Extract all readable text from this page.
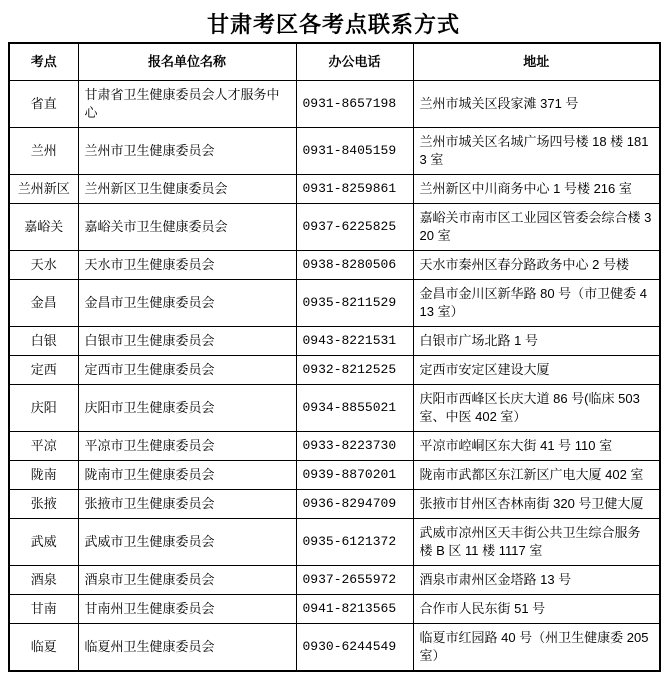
甘肃考区各考点联系方式
考点	报名单位名称	办公电话	地址
省直	甘肃省卫生健康委员会人才服务中心	0931-8657198	兰州市城关区段家滩 371 号
兰州	兰州市卫生健康委员会	0931-8405159	兰州市城关区名城广场四号楼 18 楼 1813 室
兰州新区	兰州新区卫生健康委员会	0931-8259861	兰州新区中川商务中心 1 号楼 216 室
嘉峪关	嘉峪关市卫生健康委员会	0937-6225825	嘉峪关市南市区工业园区管委会综合楼 320 室
天水	天水市卫生健康委员会	0938-8280506	天水市秦州区春分路政务中心 2 号楼
金昌	金昌市卫生健康委员会	0935-8211529	金昌市金川区新华路 80 号（市卫健委 413 室）
白银	白银市卫生健康委员会	0943-8221531	白银市广场北路 1 号
定西	定西市卫生健康委员会	0932-8212525	定西市安定区建设大厦
庆阳	庆阳市卫生健康委员会	0934-8855021	庆阳市西峰区长庆大道 86 号(临床 503 室、中医 402 室）
平凉	平凉市卫生健康委员会	0933-8223730	平凉市崆峒区东大街 41 号 110 室
陇南	陇南市卫生健康委员会	0939-8870201	陇南市武都区东江新区广电大厦 402 室
张掖	张掖市卫生健康委员会	0936-8294709	张掖市甘州区杏林南街 320 号卫健大厦
武威	武威市卫生健康委员会	0935-6121372	武威市凉州区天丰街公共卫生综合服务楼 B 区 11 楼 1117 室
酒泉	酒泉市卫生健康委员会	0937-2655972	酒泉市肃州区金塔路 13 号
甘南	甘南州卫生健康委员会	0941-8213565	合作市人民东街 51 号
临夏	临夏州卫生健康委员会	0930-6244549	临夏市红园路 40 号（州卫生健康委 205 室）
